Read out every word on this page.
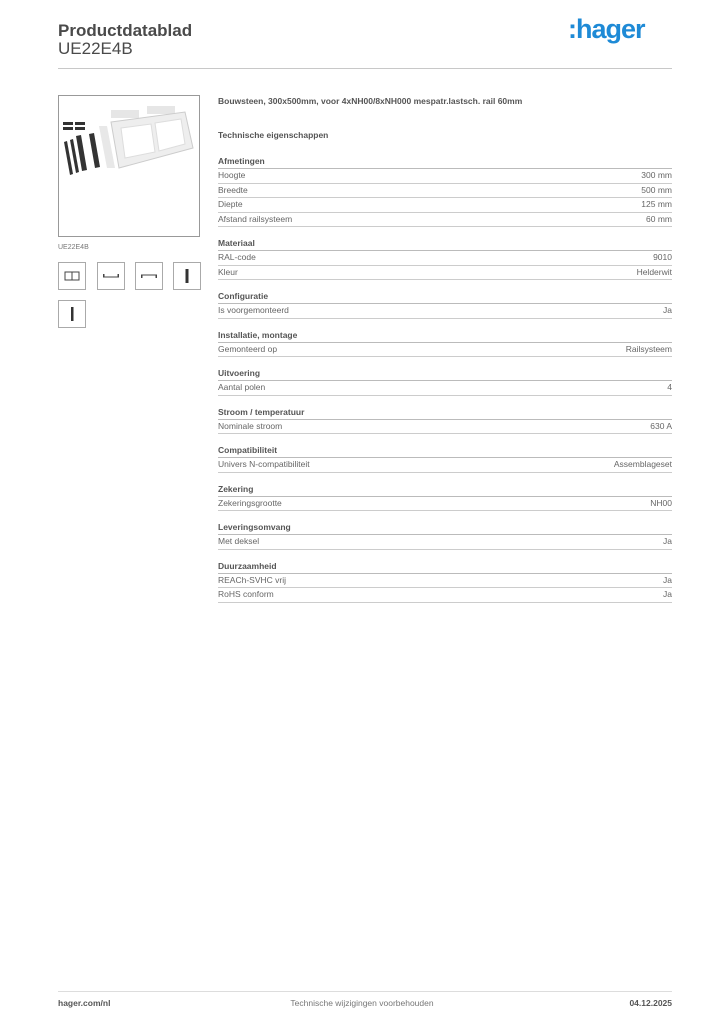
Productdatablad
UE22E4B
:hager
UE22E4B
Bouwsteen, 300x500mm, voor 4xNH00/8xNH000 mespatr.lastsch. rail 60mm
Technische eigenschappen
Afmetingen
Hoogte	300 mm
Breedte	500 mm
Diepte	125 mm
Afstand railsysteem	60 mm
Materiaal
RAL-code	9010
Kleur	Helderwit
Configuratie
Is voorgemonteerd	Ja
Installatie, montage
Gemonteerd op	Railsysteem
Uitvoering
Aantal polen	4
Stroom / temperatuur
Nominale stroom	630 A
Compatibiliteit
Univers N-compatibiliteit	Assemblageset
Zekering
Zekeringsgrootte	NH00
Leveringsomvang
Met deksel	Ja
Duurzaamheid
REACh-SVHC vrij	Ja
RoHS conform	Ja
hager.com/nl	Technische wijzigingen voorbehouden	04.12.2025
